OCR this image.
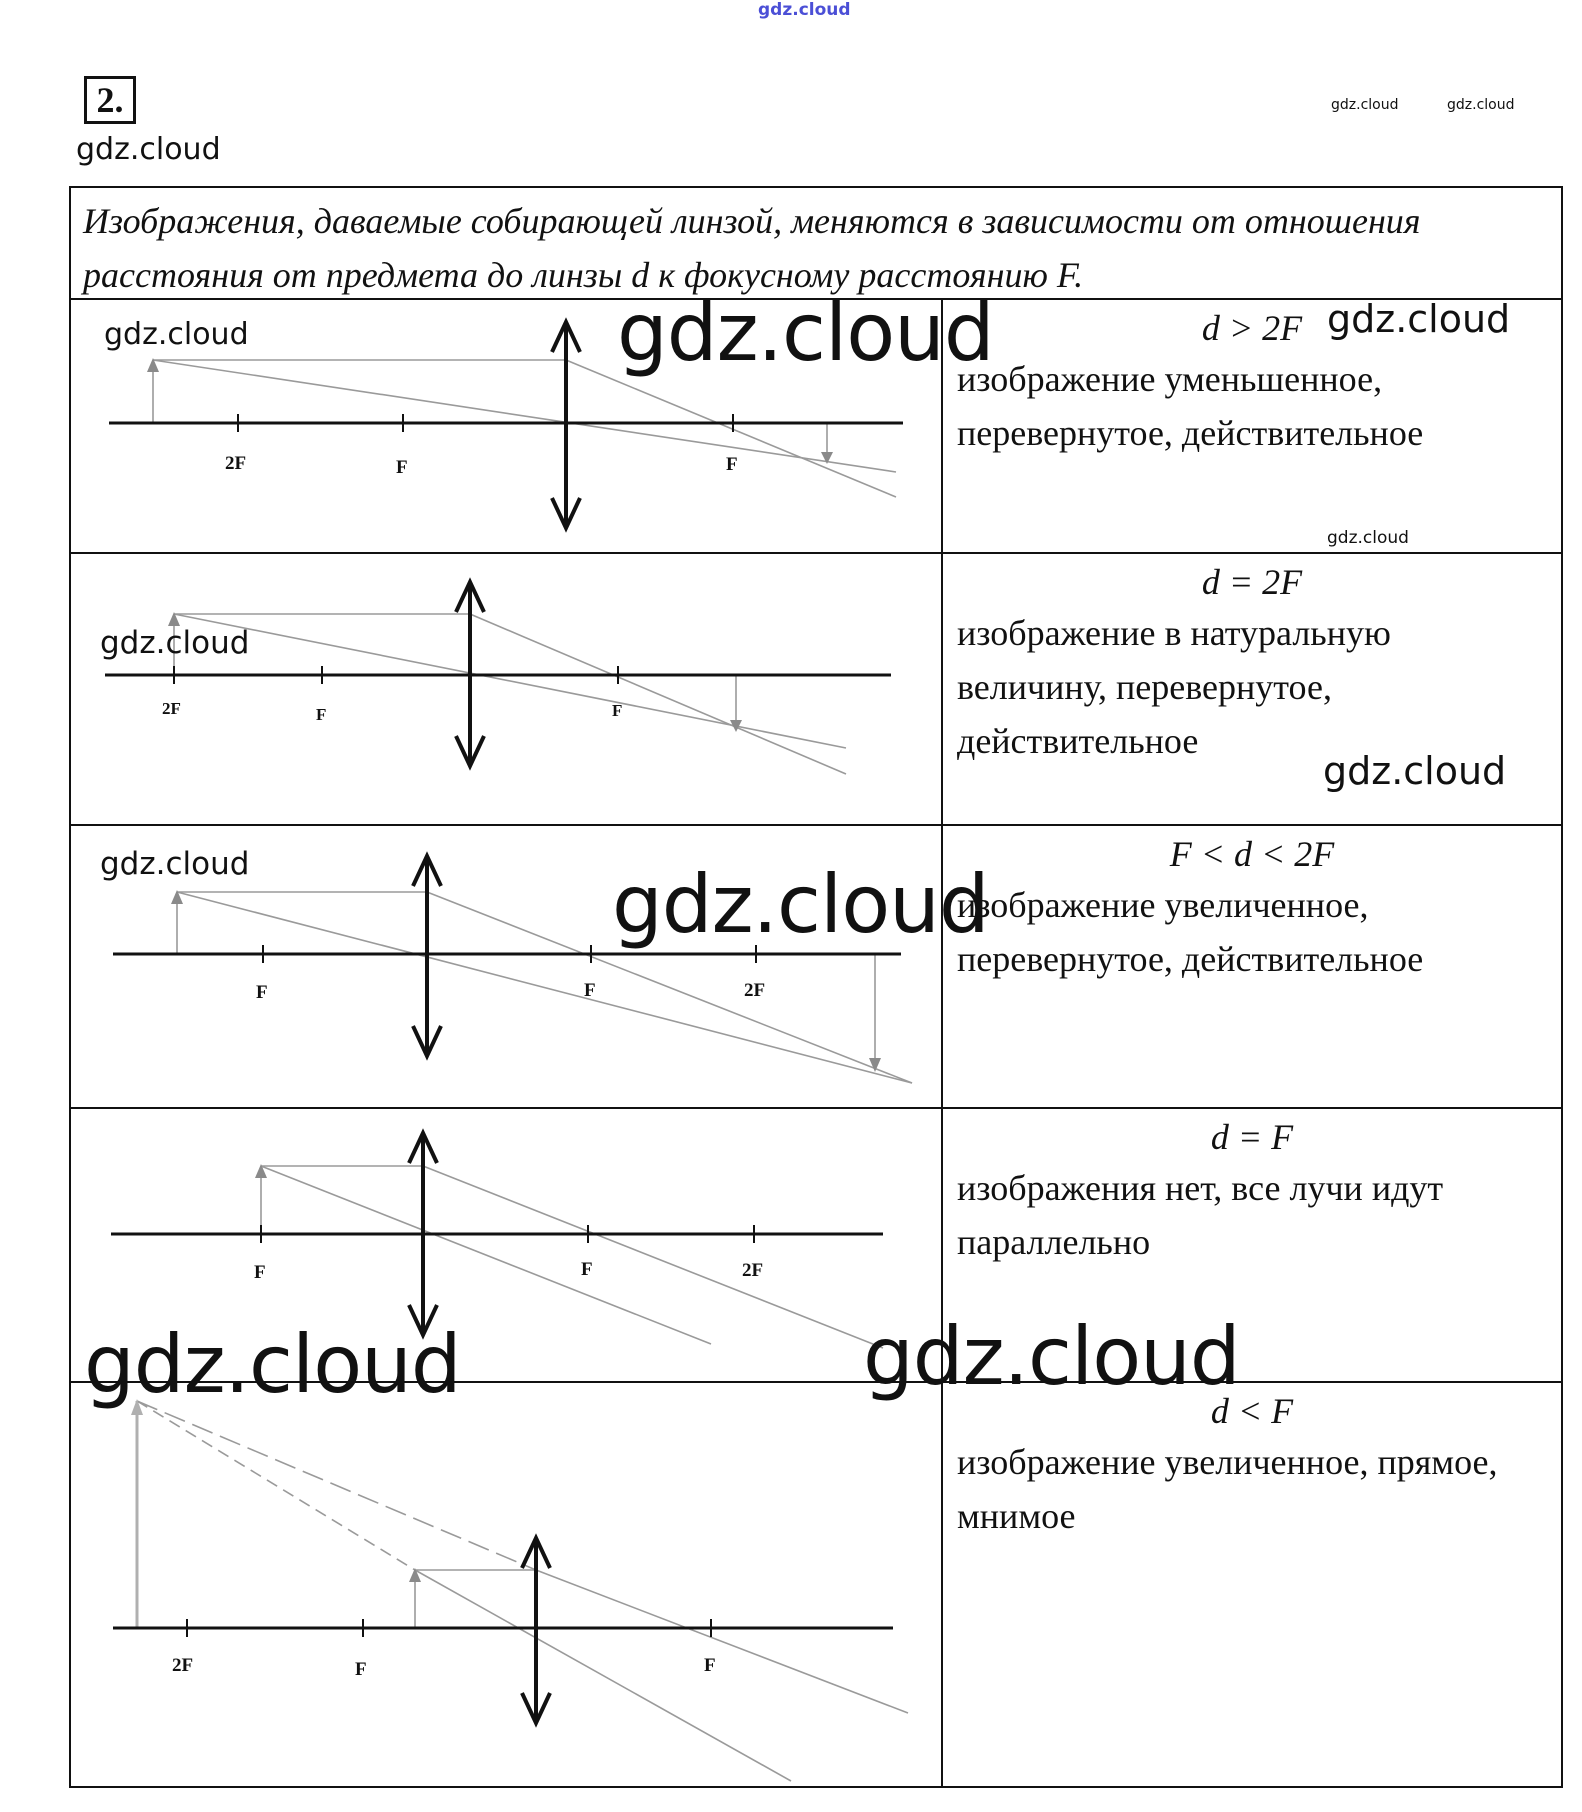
gdz.cloud
gdz.cloud
gdz.cloud	gdz.cloud
2.
Изображения, даваемые собирающей линзой, меняются в зависимости от отношения
расстояния от предмета до линзы d к фокусному расстоянию F.
2F	F	F
d > 2F
изображение уменьшенное, перевернутое, действительное
2F	F	F
d = 2F
изображение в натуральную величину, перевернутое, действительное
F	F	2F
F < d < 2F
изображение увеличенное, перевернутое, действительное
F	F	2F
d = F
изображения нет, все лучи идут параллельно
2F	F	F
d < F
изображение увеличенное, прямое, мнимое
gdz.cloud	gdz.cloud	gdz.cloud
gdz.cloud
gdz.cloud
gdz.cloud
gdz.cloud	gdz.cloud
gdz.cloud	gdz.cloud
